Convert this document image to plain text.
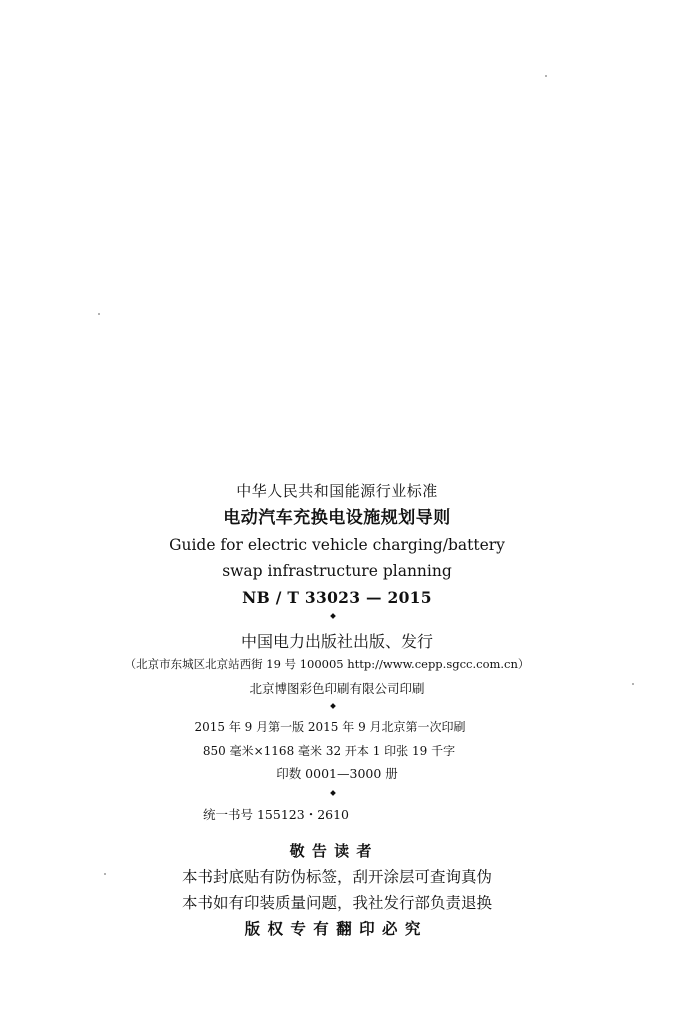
中华人民共和国能源行业标准
电动汽车充换电设施规划导则
Guide for electric vehicle charging/battery
swap infrastructure planning
NB / T 33023 — 2015
中国电力出版社出版、发行
（北京市东城区北京站西街 19 号 100005 http://www.cepp.sgcc.com.cn）
北京博图彩色印刷有限公司印刷
2015 年 9 月第一版 2015 年 9 月北京第一次印刷
850 毫米×1168 毫米 32 开本 1 印张 19 千字
印数 0001—3000 册
统一书号 155123・2610
敬 告 读 者
本书封底贴有防伪标签，刮开涂层可查询真伪
本书如有印装质量问题，我社发行部负责退换
版 权 专 有 翻 印 必 究
